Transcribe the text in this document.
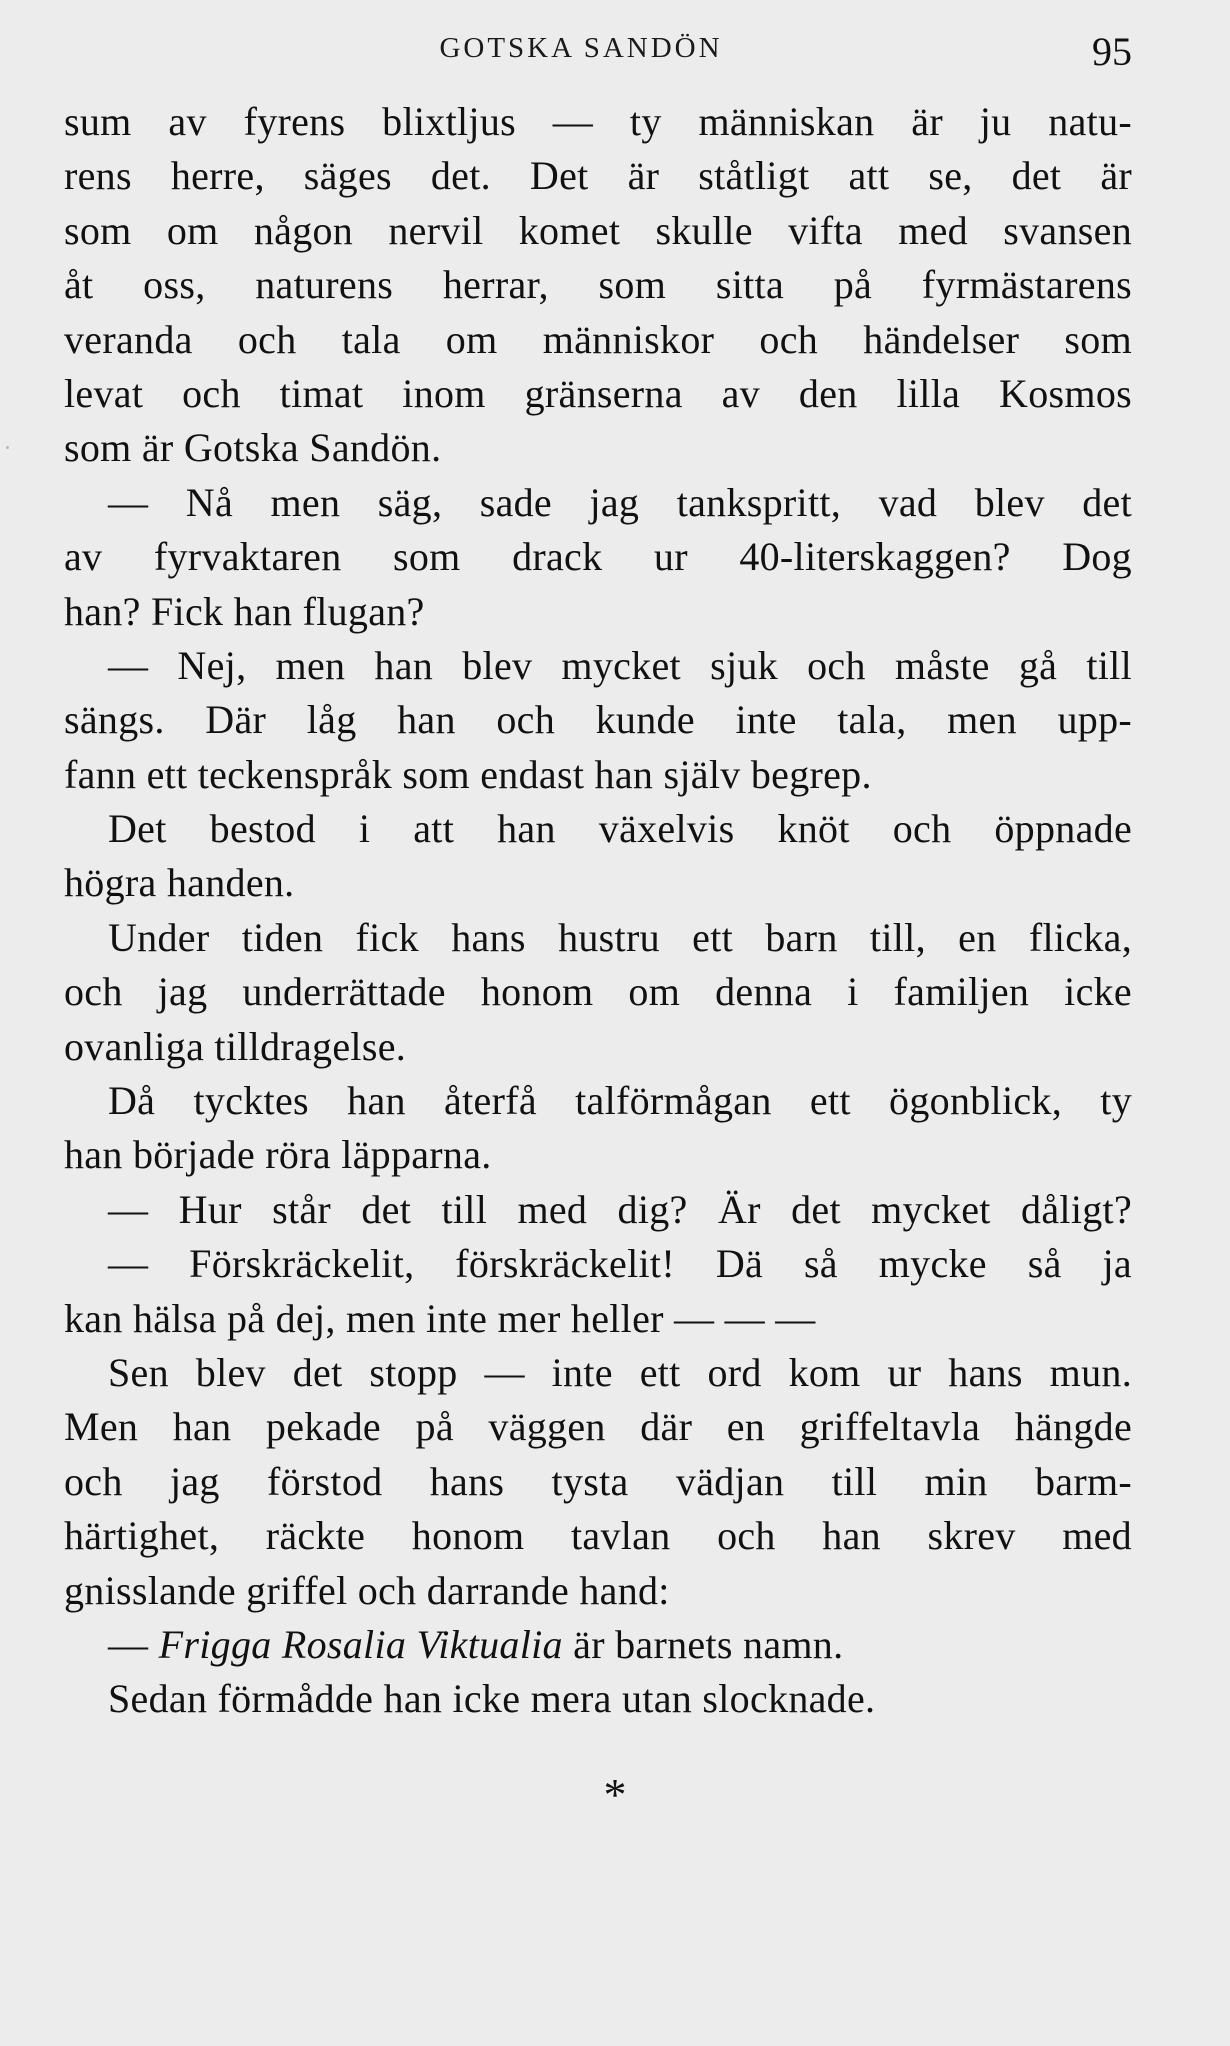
GOTSKA SANDÖN	95
sum av fyrens blixtljus — ty människan är ju natu-
rens herre, säges det. Det är ståtligt att se, det är
som om någon nervil komet skulle vifta med svansen
åt oss, naturens herrar, som sitta på fyrmästarens
veranda och tala om människor och händelser som
levat och timat inom gränserna av den lilla Kosmos
som är Gotska Sandön.
— Nå men säg, sade jag tankspritt, vad blev det
av fyrvaktaren som drack ur 40-literskaggen? Dog
han? Fick han flugan?
— Nej, men han blev mycket sjuk och måste gå till
sängs. Där låg han och kunde inte tala, men upp-
fann ett teckenspråk som endast han själv begrep.
Det bestod i att han växelvis knöt och öppnade
högra handen.
Under tiden fick hans hustru ett barn till, en flicka,
och jag underrättade honom om denna i familjen icke
ovanliga tilldragelse.
Då tycktes han återfå talförmågan ett ögonblick, ty
han började röra läpparna.
— Hur står det till med dig? Är det mycket dåligt?
— Förskräckelit, förskräckelit! Dä så mycke så ja
kan hälsa på dej, men inte mer heller — — —
Sen blev det stopp — inte ett ord kom ur hans mun.
Men han pekade på väggen där en griffeltavla hängde
och jag förstod hans tysta vädjan till min barm-
härtighet, räckte honom tavlan och han skrev med
gnisslande griffel och darrande hand:
— Frigga Rosalia Viktualia är barnets namn.
Sedan förmådde han icke mera utan slocknade.
*
